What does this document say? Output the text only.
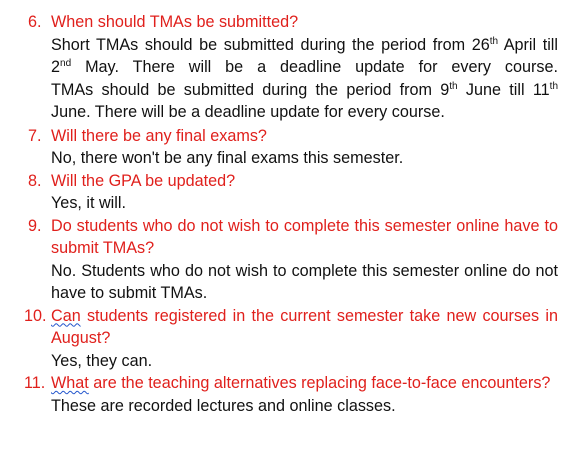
6. When should TMAs be submitted?
Short TMAs should be submitted during the period from 26th April till 2nd May. There will be a deadline update for every course.
TMAs should be submitted during the period from 9th June till 11th June. There will be a deadline update for every course.
7. Will there be any final exams?
No, there won't be any final exams this semester.
8. Will the GPA be updated?
Yes, it will.
9. Do students who do not wish to complete this semester online have to submit TMAs?
No. Students who do not wish to complete this semester online do not have to submit TMAs.
10. Can students registered in the current semester take new courses in August?
Yes, they can.
11. What are the teaching alternatives replacing face-to-face encounters?
These are recorded lectures and online classes.
